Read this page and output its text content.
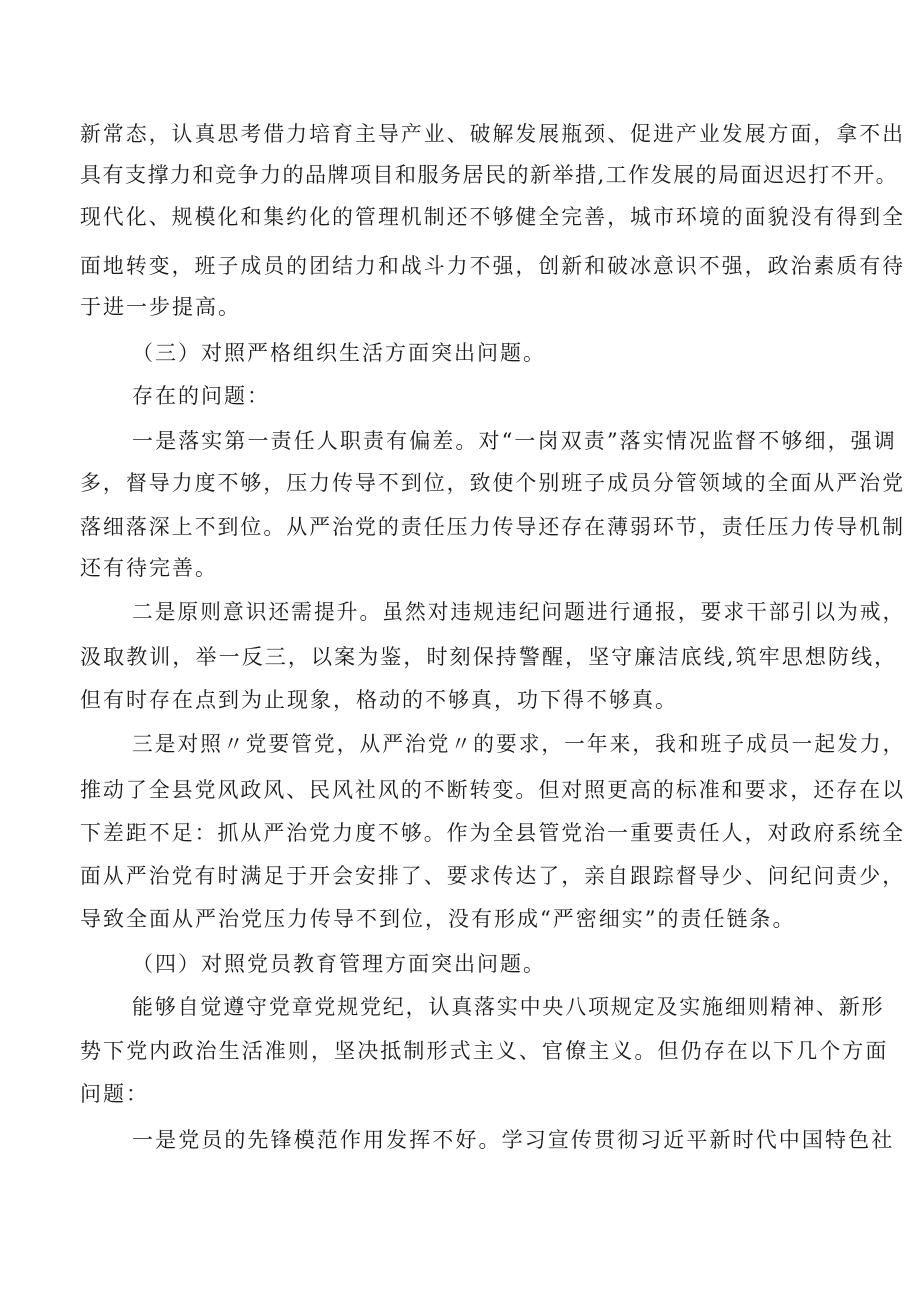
新常态，认真思考借力培育主导产业、破解发展瓶颈、促进产业发展方面，拿不出
具有支撑力和竞争力的品牌项目和服务居民的新举措,工作发展的局面迟迟打不开。
现代化、规模化和集约化的管理机制还不够健全完善，城市环境的面貌没有得到全
面地转变，班子成员的团结力和战斗力不强，创新和破冰意识不强，政治素质有待
于进一步提高。
（三）对照严格组织生活方面突出问题。
存在的问题：
一是落实第一责任人职责有偏差。对“一岗双责”落实情况监督不够细，强调
多，督导力度不够，压力传导不到位，致使个别班子成员分管领域的全面从严治党
落细落深上不到位。从严治党的责任压力传导还存在薄弱环节，责任压力传导机制
还有待完善。
二是原则意识还需提升。虽然对违规违纪问题进行通报，要求干部引以为戒，
汲取教训，举一反三，以案为鉴，时刻保持警醒，坚守廉洁底线,筑牢思想防线，
但有时存在点到为止现象，格动的不够真，功下得不够真。
三是对照〃党要管党，从严治党〃的要求，一年来，我和班子成员一起发力，
推动了全县党风政风、民风社风的不断转变。但对照更高的标准和要求，还存在以
下差距不足：抓从严治党力度不够。作为全县管党治一重要责任人，对政府系统全
面从严治党有时满足于开会安排了、要求传达了，亲自跟踪督导少、问纪问责少，
导致全面从严治党压力传导不到位，没有形成“严密细实”的责任链条。
（四）对照党员教育管理方面突出问题。
能够自觉遵守党章党规党纪，认真落实中央八项规定及实施细则精神、新形
势下党内政治生活准则，坚决抵制形式主义、官僚主义。但仍存在以下几个方面
问题：
一是党员的先锋模范作用发挥不好。学习宣传贯彻习近平新时代中国特色社
